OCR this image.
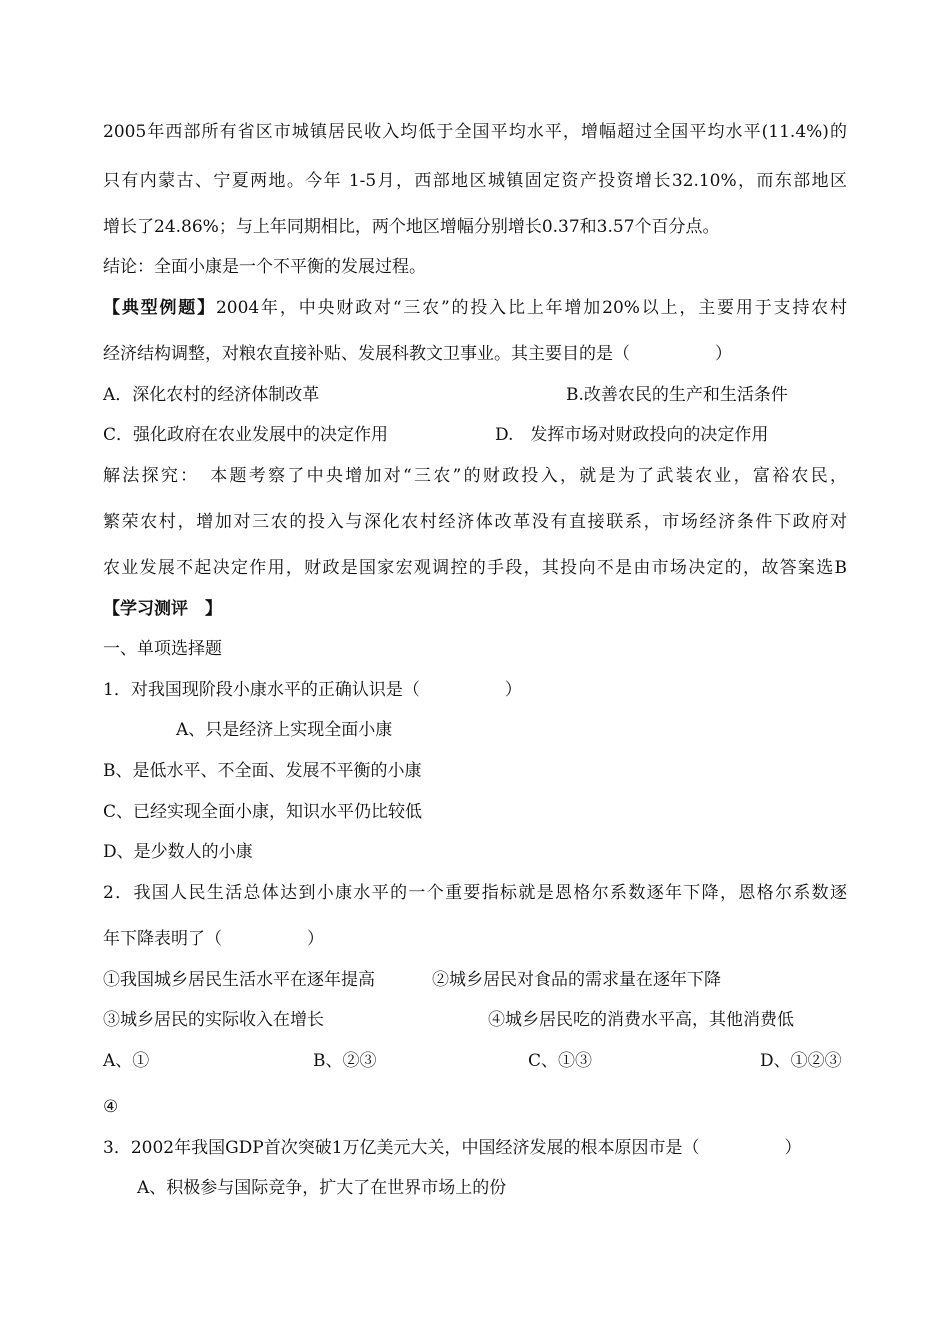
2005年西部所有省区市城镇居民收入均低于全国平均水平，增幅超过全国平均水平(11.4%)的
只有内蒙古、宁夏两地。今年 1-5月，西部地区城镇固定资产投资增长32.10%，而东部地区
增长了24.86%；与上年同期相比，两个地区增幅分别增长0.37和3.57个百分点。
结论：全面小康是一个不平衡的发展过程。
【典型例题】2004年，中央财政对“三农”的投入比上年增加20%以上，主要用于支持农村
经济结构调整，对粮农直接补贴、发展科教文卫事业。其主要目的是（　　　　　）
A．深化农村的经济体制改革	B.改善农民的生产和生活条件
C．强化政府在农业发展中的决定作用	D.　发挥市场对财政投向的决定作用
解法探究：　本题考察了中央增加对“三农”的财政投入，就是为了武装农业，富裕农民，
繁荣农村，增加对三农的投入与深化农村经济体改革没有直接联系，市场经济条件下政府对
农业发展不起决定作用，财政是国家宏观调控的手段，其投向不是由市场决定的，故答案选B
【学习测评　】
一、单项选择题
1．对我国现阶段小康水平的正确认识是（　　　　　）
A、只是经济上实现全面小康
B、是低水平、不全面、发展不平衡的小康
C、已经实现全面小康，知识水平仍比较低
D、是少数人的小康
2．我国人民生活总体达到小康水平的一个重要指标就是恩格尔系数逐年下降，恩格尔系数逐
年下降表明了（　　　　　）
①我国城乡居民生活水平在逐年提高	②城乡居民对食品的需求量在逐年下降
③城乡居民的实际收入在增长	④城乡居民吃的消费水平高，其他消费低
A、①	B、②③	C、①③	D、①②③
④
3．2002年我国GDP首次突破1万亿美元大关，中国经济发展的根本原因市是（　　　　　）
A、积极参与国际竞争，扩大了在世界市场上的份
